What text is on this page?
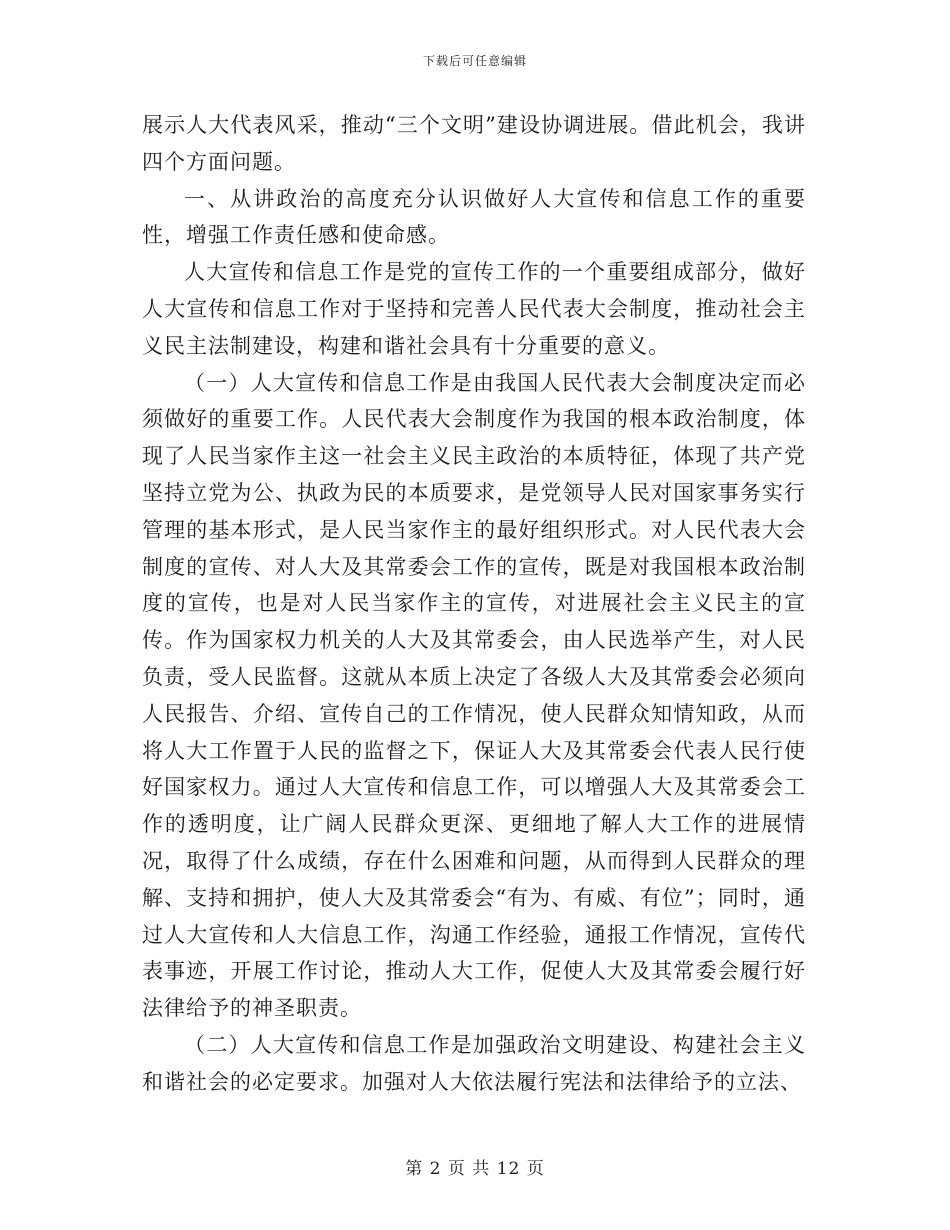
下载后可任意编辑

展示人大代表风采，推动“三个文明”建设协调进展。借此机会，我讲四个方面问题。

一、从讲政治的高度充分认识做好人大宣传和信息工作的重要性，增强工作责任感和使命感。

人大宣传和信息工作是党的宣传工作的一个重要组成部分，做好人大宣传和信息工作对于坚持和完善人民代表大会制度，推动社会主义民主法制建设，构建和谐社会具有十分重要的意义。

（一）人大宣传和信息工作是由我国人民代表大会制度决定而必须做好的重要工作。人民代表大会制度作为我国的根本政治制度，体现了人民当家作主这一社会主义民主政治的本质特征，体现了共产党坚持立党为公、执政为民的本质要求，是党领导人民对国家事务实行管理的基本形式，是人民当家作主的最好组织形式。对人民代表大会制度的宣传、对人大及其常委会工作的宣传，既是对我国根本政治制度的宣传，也是对人民当家作主的宣传，对进展社会主义民主的宣传。作为国家权力机关的人大及其常委会，由人民选举产生，对人民负责，受人民监督。这就从本质上决定了各级人大及其常委会必须向人民报告、介绍、宣传自己的工作情况，使人民群众知情知政，从而将人大工作置于人民的监督之下，保证人大及其常委会代表人民行使好国家权力。通过人大宣传和信息工作，可以增强人大及其常委会工作的透明度，让广阔人民群众更深、更细地了解人大工作的进展情况，取得了什么成绩，存在什么困难和问题，从而得到人民群众的理解、支持和拥护，使人大及其常委会“有为、有威、有位”；同时，通过人大宣传和人大信息工作，沟通工作经验，通报工作情况，宣传代表事迹，开展工作讨论，推动人大工作，促使人大及其常委会履行好法律给予的神圣职责。

（二）人大宣传和信息工作是加强政治文明建设、构建社会主义和谐社会的必定要求。加强对人大依法履行宪法和法律给予的立法、

第 2 页 共 12 页
